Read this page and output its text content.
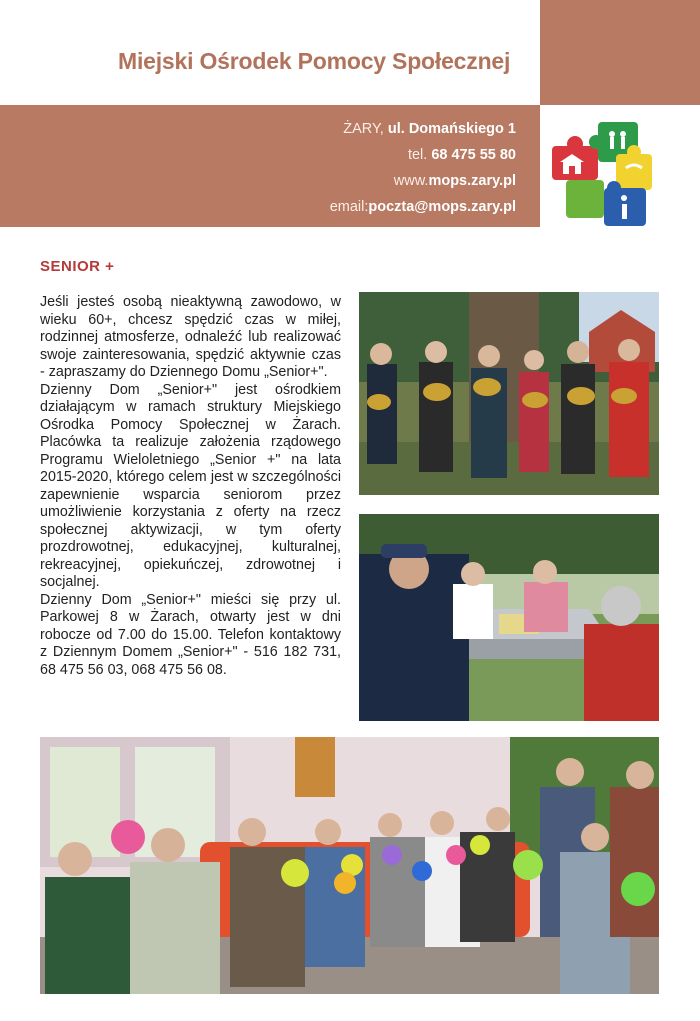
Miejski Ośrodek Pomocy Społecznej
ŻARY, ul. Domańskiego 1
tel. 68 475 55 80
www.mops.zary.pl
email:poczta@mops.zary.pl
SENIOR +

Jeśli jesteś osobą nieaktywną zawodowo, w wieku 60+, chcesz spędzić czas w miłej, rodzinnej atmosferze, odnaleźć lub realizować swoje zainteresowania, spędzić aktywnie czas - zapraszamy do Dziennego Domu „Senior+".

Dzienny Dom „Senior+" jest ośrodkiem działającym w ramach struktury Miejskiego Ośrodka Pomocy Społecznej w Żarach. Placówka ta realizuje założenia rządowego Programu Wieloletniego „Senior +" na lata 2015-2020, którego celem jest w szczególności zapewnienie wsparcia seniorom przez umożliwienie korzystania z oferty na rzecz społecznej aktywizacji, w tym oferty prozdrowotnej, edukacyjnej, kulturalnej, rekreacyjnej, opiekuńczej, zdrowotnej i socjalnej.

Dzienny Dom „Senior+" mieści się przy ul. Parkowej 8 w Żarach, otwarty jest w dni robocze od 7.00 do 15.00. Telefon kontaktowy z Dziennym Domem „Senior+" - 516 182 731, 68 475 56 03, 068 475 56 08.
